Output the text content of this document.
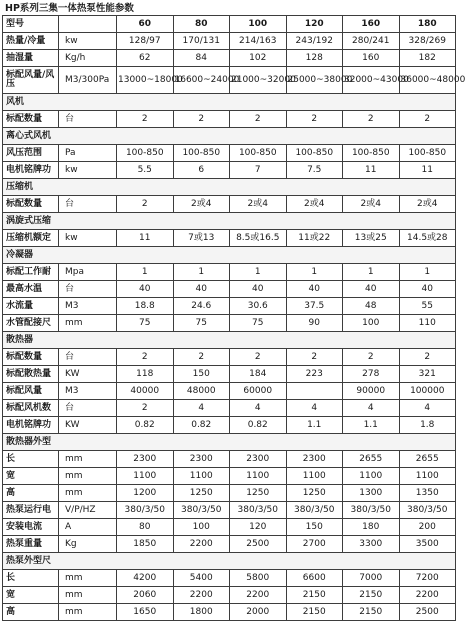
HP系列三集一体热泵性能参数
型号		60	80	100	120	160	180
热量/冷量	kw	128/97	170/131	214/163	243/192	280/241	328/269
抽湿量	Kg/h	62	84	102	128	160	182
标配风量/风压	M3/300Pa	13000~18000	16600~24000	21000~32000	25000~38000	32000~43000	36000~48000
风机							
标配数量	台	2	2	2	2	2	2
离心式风机							
风压范围	Pa	100-850	100-850	100-850	100-850	100-850	100-850
电机铭牌功	kw	5.5	6	7	7.5	11	11
压缩机							
标配数量	台	2	2或4	2或4	2或4	2或4	2或4
涡旋式压缩							
压缩机额定	kw	11	7或13	8.5或16.5	11或22	13或25	14.5或28
冷凝器							
标配工作耐	Mpa	1	1	1	1	1	1
最高水温	台	40	40	40	40	40	40
水流量	M3	18.8	24.6	30.6	37.5	48	55
水管配接尺	mm	75	75	75	90	100	110
散热器							
标配数量	台	2	2	2	2	2	2
标配散热量	KW	118	150	184	223	278	321
标配风量	M3	40000	48000	60000		90000	100000
标配风机数	台	2	4	4	4	4	4
电机铭牌功	KW	0.82	0.82	0.82	1.1	1.1	1.8
散热器外型							
长	mm	2300	2300	2300	2300	2655	2655
宽	mm	1100	1100	1100	1100	1100	1100
高	mm	1200	1250	1250	1250	1300	1350
热泵运行电	V/P/HZ	380/3/50	380/3/50	380/3/50	380/3/50	380/3/50	380/3/50
安装电流	A	80	100	120	150	180	200
热泵重量	Kg	1850	2200	2500	2700	3300	3500
热泵外型尺							
长	mm	4200	5400	5800	6600	7000	7200
宽	mm	2060	2200	2200	2150	2150	2200
高	mm	1650	1800	2000	2150	2150	2500
